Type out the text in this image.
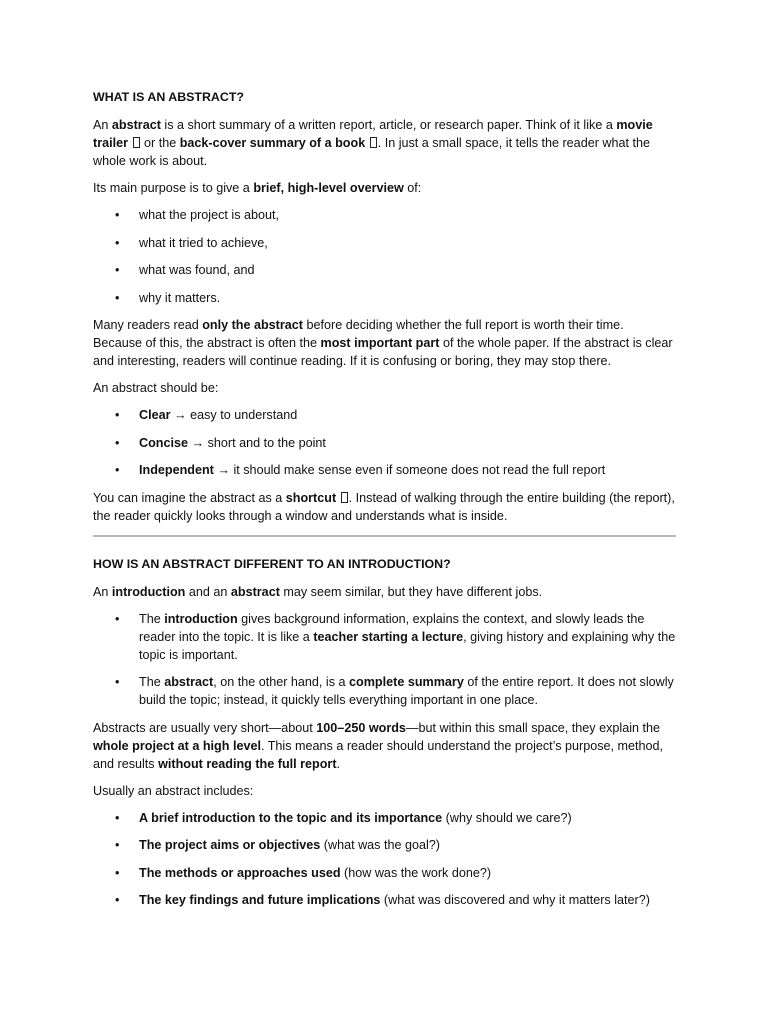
WHAT IS AN ABSTRACT?

An abstract is a short summary of a written report, article, or research paper. Think of it like a movie trailer  or the back-cover summary of a book . In just a small space, it tells the reader what the whole work is about.

Its main purpose is to give a brief, high-level overview of:

• what the project is about,
• what it tried to achieve,
• what was found, and
• why it matters.

Many readers read only the abstract before deciding whether the full report is worth their time. Because of this, the abstract is often the most important part of the whole paper. If the abstract is clear and interesting, readers will continue reading. If it is confusing or boring, they may stop there.

An abstract should be:

• Clear → easy to understand
• Concise → short and to the point
• Independent → it should make sense even if someone does not read the full report

You can imagine the abstract as a shortcut . Instead of walking through the entire building (the report), the reader quickly looks through a window and understands what is inside.

HOW IS AN ABSTRACT DIFFERENT TO AN INTRODUCTION?

An introduction and an abstract may seem similar, but they have different jobs.

• The introduction gives background information, explains the context, and slowly leads the reader into the topic. It is like a teacher starting a lecture, giving history and explaining why the topic is important.
• The abstract, on the other hand, is a complete summary of the entire report. It does not slowly build the topic; instead, it quickly tells everything important in one place.

Abstracts are usually very short—about 100–250 words—but within this small space, they explain the whole project at a high level. This means a reader should understand the project’s purpose, method, and results without reading the full report.

Usually an abstract includes:

• A brief introduction to the topic and its importance (why should we care?)
• The project aims or objectives (what was the goal?)
• The methods or approaches used (how was the work done?)
• The key findings and future implications (what was discovered and why it matters later?)
